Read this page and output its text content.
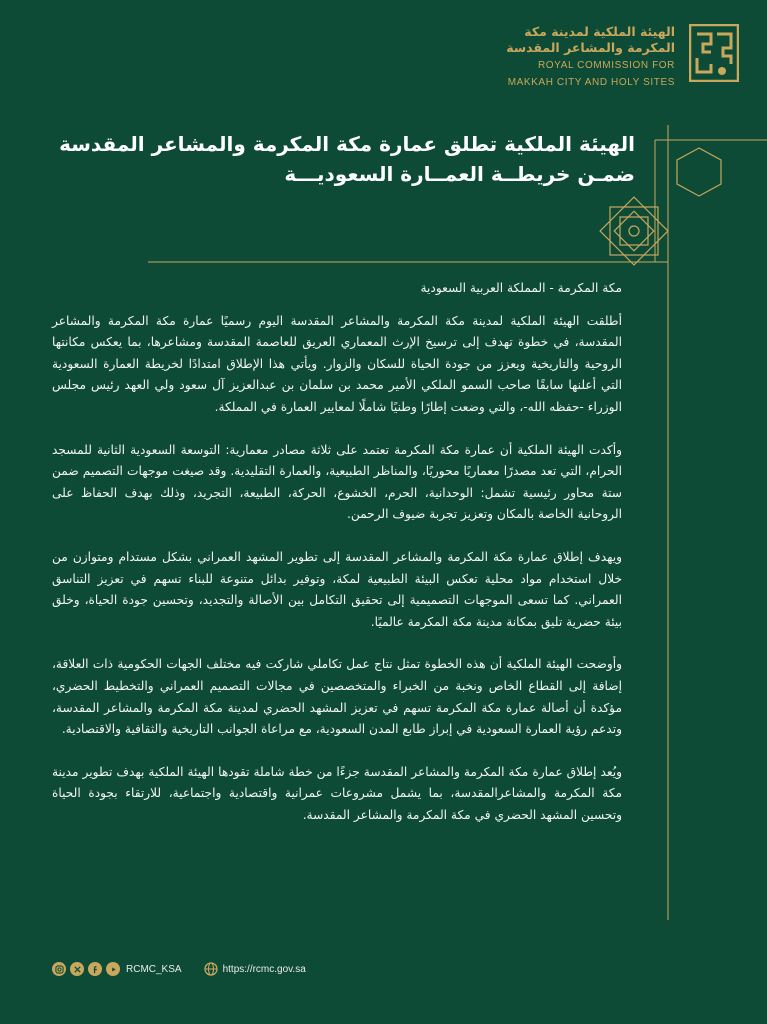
الهيئة الملكية لمدينة مكة
المكرمة والمشاعر المقدسة
ROYAL COMMISSION FOR
MAKKAH CITY AND HOLY SITES
الهيئة الملكية تطلق عمارة مكة المكرمة والمشاعر المقدسة
ضمـن خريطــة العمــارة السعوديـــة

مكة المكرمة - المملكة العربية السعودية

أطلقت الهيئة الملكية لمدينة مكة المكرمة والمشاعر المقدسة اليوم رسميًا عمارة مكة المكرمة والمشاعر المقدسة، في خطوة تهدف إلى ترسيخ الإرث المعماري العريق للعاصمة المقدسة ومشاعرها، بما يعكس مكانتها الروحية والتاريخية ويعزز من جودة الحياة للسكان والزوار. ويأتي هذا الإطلاق امتدادًا لخريطة العمارة السعودية التي أعلنها سابقًا صاحب السمو الملكي الأمير محمد بن سلمان بن عبدالعزيز آل سعود ولي العهد رئيس مجلس الوزراء -حفظه الله-، والتي وضعت إطارًا وطنيًا شاملًا لمعايير العمارة في المملكة.

وأكدت الهيئة الملكية أن عمارة مكة المكرمة تعتمد على ثلاثة مصادر معمارية: التوسعة السعودية الثانية للمسجد الحرام، التي تعد مصدرًا معماريًا محوريًا، والمناظر الطبيعية، والعمارة التقليدية. وقد صيغت موجهات التصميم ضمن ستة محاور رئيسية تشمل: الوحدانية، الحرم، الخشوع، الحركة، الطبيعة، التجريد، وذلك بهدف الحفاظ على الروحانية الخاصة بالمكان وتعزيز تجربة ضيوف الرحمن.

ويهدف إطلاق عمارة مكة المكرمة والمشاعر المقدسة إلى تطوير المشهد العمراني بشكل مستدام ومتوازن من خلال استخدام مواد محلية تعكس البيئة الطبيعية لمكة، وتوفير بدائل متنوعة للبناء تسهم في تعزيز التناسق العمراني. كما تسعى الموجهات التصميمية إلى تحقيق التكامل بين الأصالة والتجديد، وتحسين جودة الحياة، وخلق بيئة حضرية تليق بمكانة مدينة مكة المكرمة عالميًا.

وأوضحت الهيئة الملكية أن هذه الخطوة تمثل نتاج عمل تكاملي شاركت فيه مختلف الجهات الحكومية ذات العلاقة، إضافة إلى القطاع الخاص ونخبة من الخبراء والمتخصصين في مجالات التصميم العمراني والتخطيط الحضري، مؤكدة أن أصالة عمارة مكة المكرمة تسهم في تعزيز المشهد الحضري لمدينة مكة المكرمة والمشاعر المقدسة، وتدعم رؤية العمارة السعودية في إبراز طابع المدن السعودية، مع مراعاة الجوانب التاريخية والثقافية والاقتصادية.

ويُعد إطلاق عمارة مكة المكرمة والمشاعر المقدسة جزءًا من خطة شاملة تقودها الهيئة الملكية بهدف تطوير مدينة مكة المكرمة والمشاعرالمقدسة، بما يشمل مشروعات عمرانية واقتصادية واجتماعية، للارتقاء بجودة الحياة وتحسين المشهد الحضري في مكة المكرمة والمشاعر المقدسة.

RCMC_KSA	https://rcmc.gov.sa
